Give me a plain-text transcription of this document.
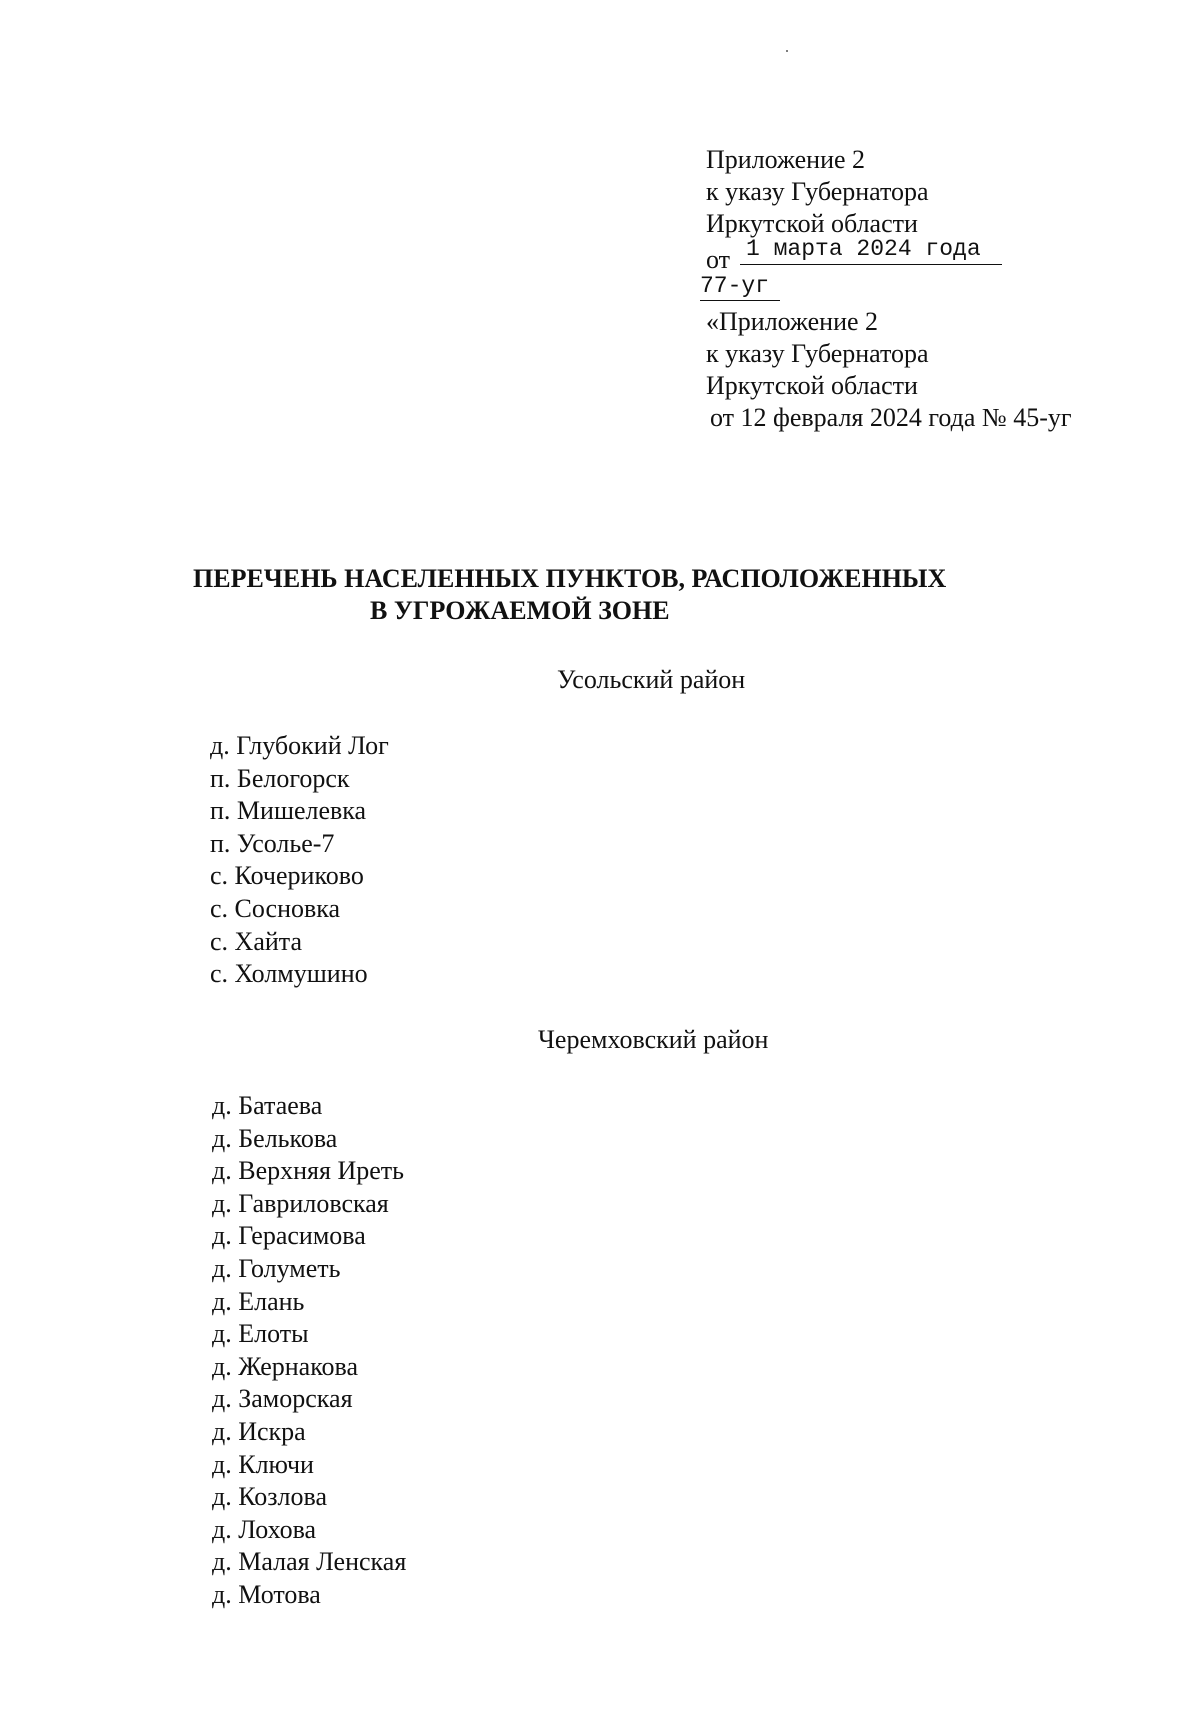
Приложение 2
к указу Губернатора
Иркутской области
от 1 марта 2024 года
77-уг
«Приложение 2
к указу Губернатора
Иркутской области
от 12 февраля 2024 года № 45-уг
ПЕРЕЧЕНЬ НАСЕЛЕННЫХ ПУНКТОВ, РАСПОЛОЖЕННЫХ
В УГРОЖАЕМОЙ ЗОНЕ
Усольский район
д. Глубокий Лог
п. Белогорск
п. Мишелевка
п. Усолье-7
с. Кочериково
с. Сосновка
с. Хайта
с. Холмушино
Черемховский район
д. Батаева
д. Белькова
д. Верхняя Ирeть
д. Гавриловская
д. Герасимова
д. Голуметь
д. Елань
д. Елоты
д. Жернакова
д. Заморская
д. Искра
д. Ключи
д. Козлова
д. Лохова
д. Малая Ленская
д. Мотова
